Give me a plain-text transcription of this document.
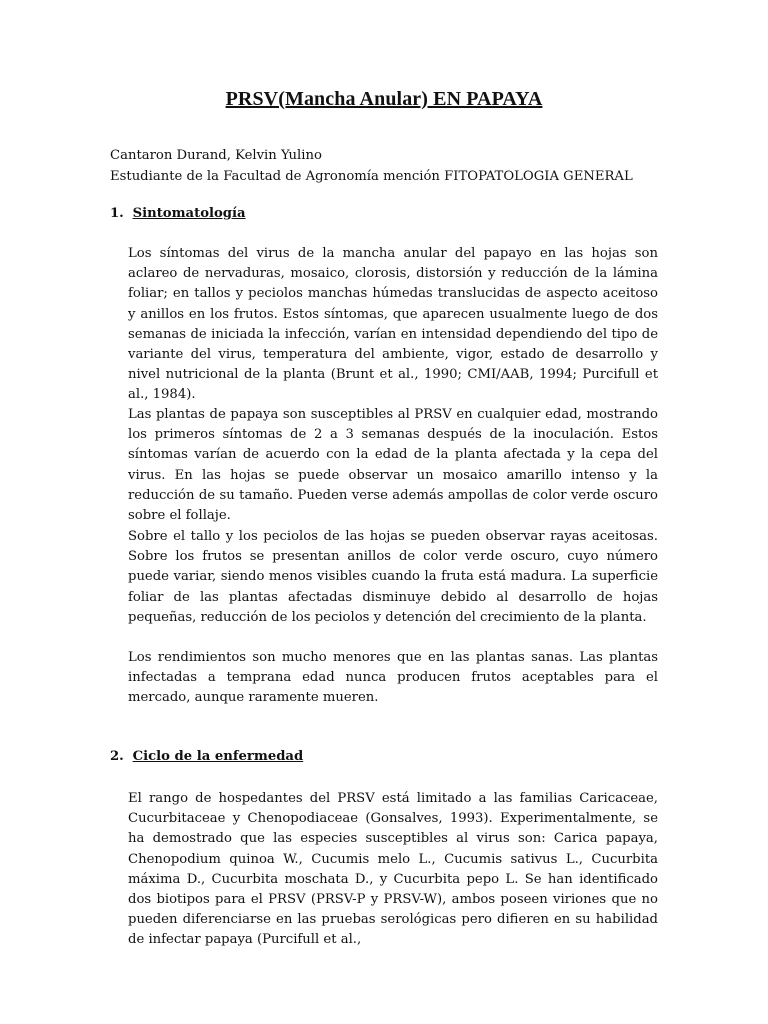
PRSV(Mancha Anular) EN PAPAYA
Cantaron Durand, Kelvin Yulino
Estudiante de la Facultad de Agronomía mención FITOPATOLOGIA GENERAL
1. Sintomatología

Los síntomas del virus de la mancha anular del papayo en las hojas son aclareo de nervaduras, mosaico, clorosis, distorsión y reducción de la lámina foliar; en tallos y peciolos manchas húmedas translucidas de aspecto aceitoso y anillos en los frutos. Estos síntomas, que aparecen usualmente luego de dos semanas de iniciada la infección, varían en intensidad dependiendo del tipo de variante del virus, temperatura del ambiente, vigor, estado de desarrollo y nivel nutricional de la planta (Brunt et al., 1990; CMI/AAB, 1994; Purcifull et al., 1984).

Las plantas de papaya son susceptibles al PRSV en cualquier edad, mostrando los primeros síntomas de 2 a 3 semanas después de la inoculación. Estos síntomas varían de acuerdo con la edad de la planta afectada y la cepa del virus. En las hojas se puede observar un mosaico amarillo intenso y la reducción de su tamaño. Pueden verse además ampollas de color verde oscuro sobre el follaje.

Sobre el tallo y los peciolos de las hojas se pueden observar rayas aceitosas. Sobre los frutos se presentan anillos de color verde oscuro, cuyo número puede variar, siendo menos visibles cuando la fruta está madura. La superficie foliar de las plantas afectadas disminuye debido al desarrollo de hojas pequeñas, reducción de los peciolos y detención del crecimiento de la planta.

Los rendimientos son mucho menores que en las plantas sanas. Las plantas infectadas a temprana edad nunca producen frutos aceptables para el mercado, aunque raramente mueren.

2. Ciclo de la enfermedad

El rango de hospedantes del PRSV está limitado a las familias Caricaceae, Cucurbitaceae y Chenopodiaceae (Gonsalves, 1993). Experimentalmente, se ha demostrado que las especies susceptibles al virus son: Carica papaya, Chenopodium quinoa W., Cucumis melo L., Cucumis sativus L., Cucurbita máxima D., Cucurbita moschata D., y Cucurbita pepo L. Se han identificado dos biotipos para el PRSV (PRSV-P y PRSV-W), ambos poseen viriones que no pueden diferenciarse en las pruebas serológicas pero difieren en su habilidad de infectar papaya (Purcifull et al.,
